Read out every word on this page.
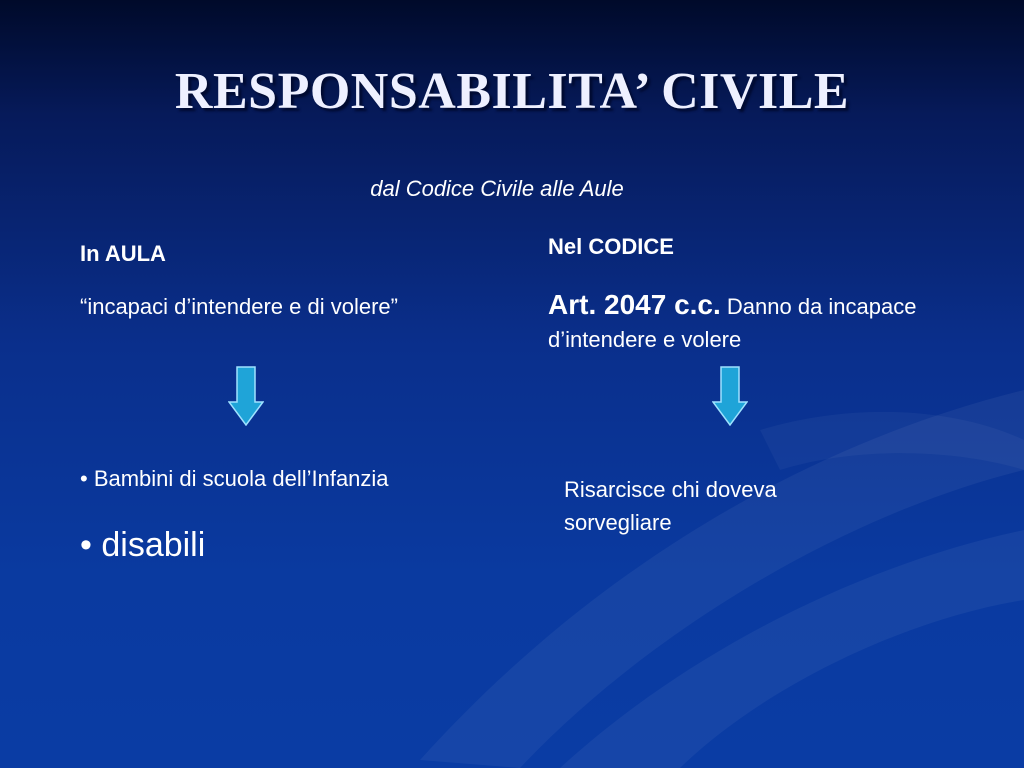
RESPONSABILITA’ CIVILE
dal Codice Civile alle Aule
In AULA
“incapaci d’intendere e di volere”
• Bambini di scuola dell’Infanzia
• disabili
Nel CODICE
Art. 2047 c.c. Danno da incapace d’intendere e volere
Risarcisce chi doveva sorvegliare
